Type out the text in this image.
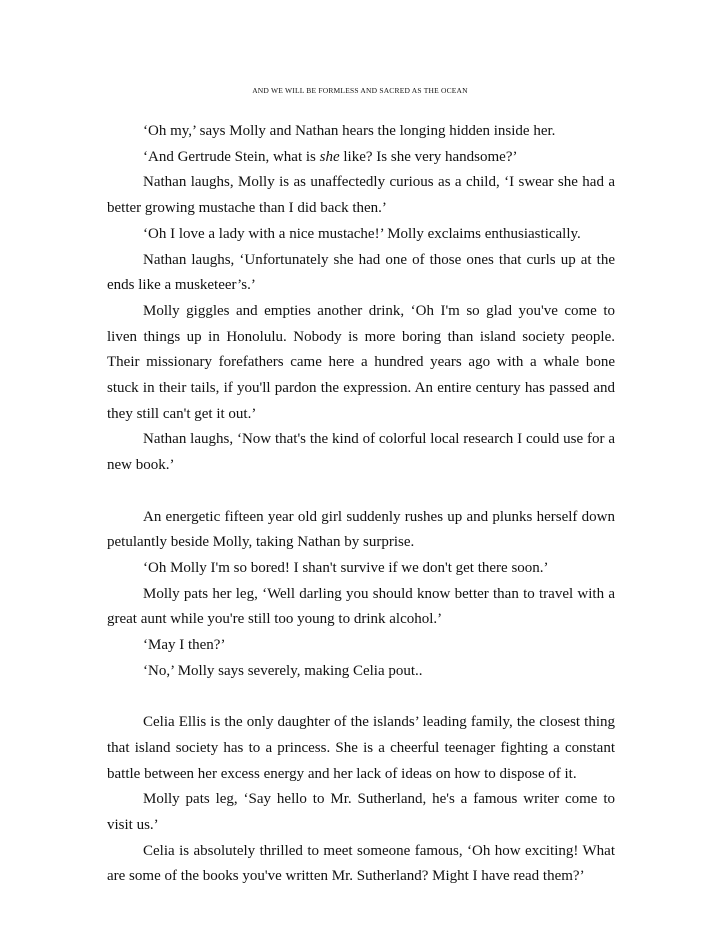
AND WE WILL BE FORMLESS AND SACRED AS THE OCEAN

‘Oh my,’ says Molly and Nathan hears the longing hidden inside her.

‘And Gertrude Stein, what is she like? Is she very handsome?’

Nathan laughs, Molly is as unaffectedly curious as a child, ‘I swear she had a better growing mustache than I did back then.’

‘Oh I love a lady with a nice mustache!’ Molly exclaims enthusiastically.

Nathan laughs, ‘Unfortunately she had one of those ones that curls up at the ends like a musketeer’s.’

Molly giggles and empties another drink, ‘Oh I'm so glad you've come to liven things up in Honolulu. Nobody is more boring than island society people. Their missionary forefathers came here a hundred years ago with a whale bone stuck in their tails, if you'll pardon the expression. An entire century has passed and they still can't get it out.’

Nathan laughs, ‘Now that's the kind of colorful local research I could use for a new book.’

An energetic fifteen year old girl suddenly rushes up and plunks herself down petulantly beside Molly, taking Nathan by surprise.

‘Oh Molly I'm so bored! I shan't survive if we don't get there soon.’

Molly pats her leg, ‘Well darling you should know better than to travel with a great aunt while you're still too young to drink alcohol.’

‘May I then?’

‘No,’ Molly says severely, making Celia pout..

Celia Ellis is the only daughter of the islands’ leading family, the closest thing that island society has to a princess. She is a cheerful teenager fighting a constant battle between her excess energy and her lack of ideas on how to dispose of it.

Molly pats leg, ‘Say hello to Mr. Sutherland, he's a famous writer come to visit us.’

Celia is absolutely thrilled to meet someone famous, ‘Oh how exciting! What are some of the books you've written Mr. Sutherland? Might I have read them?’
